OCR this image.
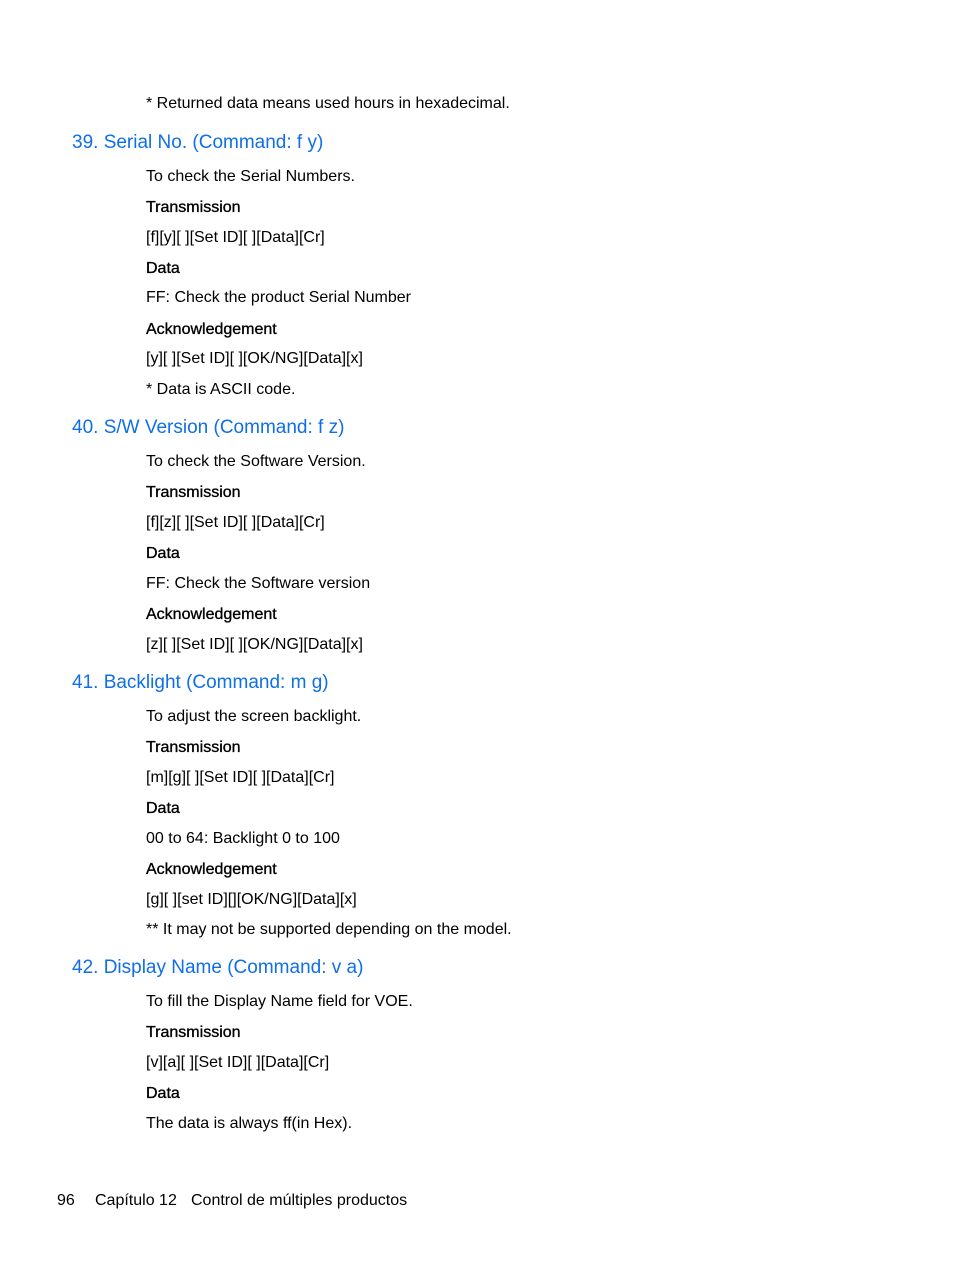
* Returned data means used hours in hexadecimal.
39. Serial No. (Command: f y)
To check the Serial Numbers.
Transmission
[f][y][ ][Set ID][ ][Data][Cr]
Data
FF: Check the product Serial Number
Acknowledgement
[y][ ][Set ID][ ][OK/NG][Data][x]
* Data is ASCII code.
40. S/W Version (Command: f z)
To check the Software Version.
Transmission
[f][z][ ][Set ID][ ][Data][Cr]
Data
FF: Check the Software version
Acknowledgement
[z][ ][Set ID][ ][OK/NG][Data][x]
41. Backlight (Command: m g)
To adjust the screen backlight.
Transmission
[m][g][ ][Set ID][ ][Data][Cr]
Data
00 to 64: Backlight 0 to 100
Acknowledgement
[g][ ][set ID][][OK/NG][Data][x]
** It may not be supported depending on the model.
42. Display Name (Command: v a)
To fill the Display Name field for VOE.
Transmission
[v][a][ ][Set ID][ ][Data][Cr]
Data
The data is always ff(in Hex).
96 Capítulo 12 Control de múltiples productos
